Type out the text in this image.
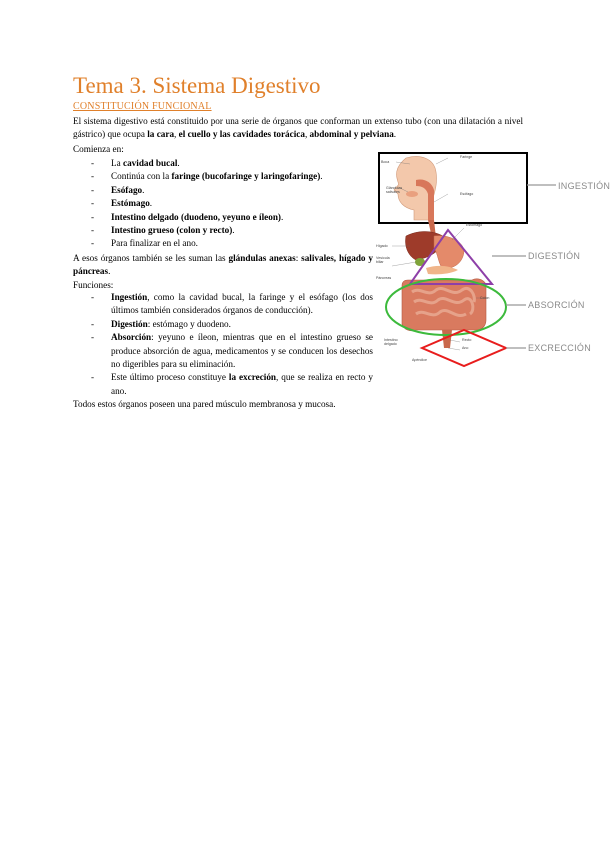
Tema 3. Sistema Digestivo
CONSTITUCIÓN FUNCIONAL
El sistema digestivo está constituido por una serie de órganos que conforman un extenso tubo (con una dilatación a nivel gástrico) que ocupa la cara, el cuello y las cavidades torácica, abdominal y pelviana.
Comienza en:
- La cavidad bucal.
- Continúa con la faringe (bucofaringe y laringofaringe).
- Esófago.
- Estómago.
- Intestino delgado (duodeno, yeyuno e íleon).
- Intestino grueso (colon y recto).
- Para finalizar en el ano.
A esos órganos también se les suman las glándulas anexas: salivales, hígado y páncreas.
Funciones:
- Ingestión, como la cavidad bucal, la faringe y el esófago (los dos últimos también considerados órganos de conducción).
- Digestión: estómago y duodeno.
- Absorción: yeyuno e íleon, mientras que en el intestino grueso se produce absorción de agua, medicamentos y se conducen los desechos no digeribles para su eliminación.
- Este último proceso constituye la excreción, que se realiza en recto y ano.
Todos estos órganos poseen una pared músculo membranosa y mucosa.
Boca
Glándulas salivales
Faringe
Esófago
Estómago
Hígado
Vesícula biliar
Páncreas
Colon
Intestino delgado
Recto
Ano
Apéndice
INGESTIÓN
DIGESTIÓN
ABSORCIÓN
EXCRECCIÓN
